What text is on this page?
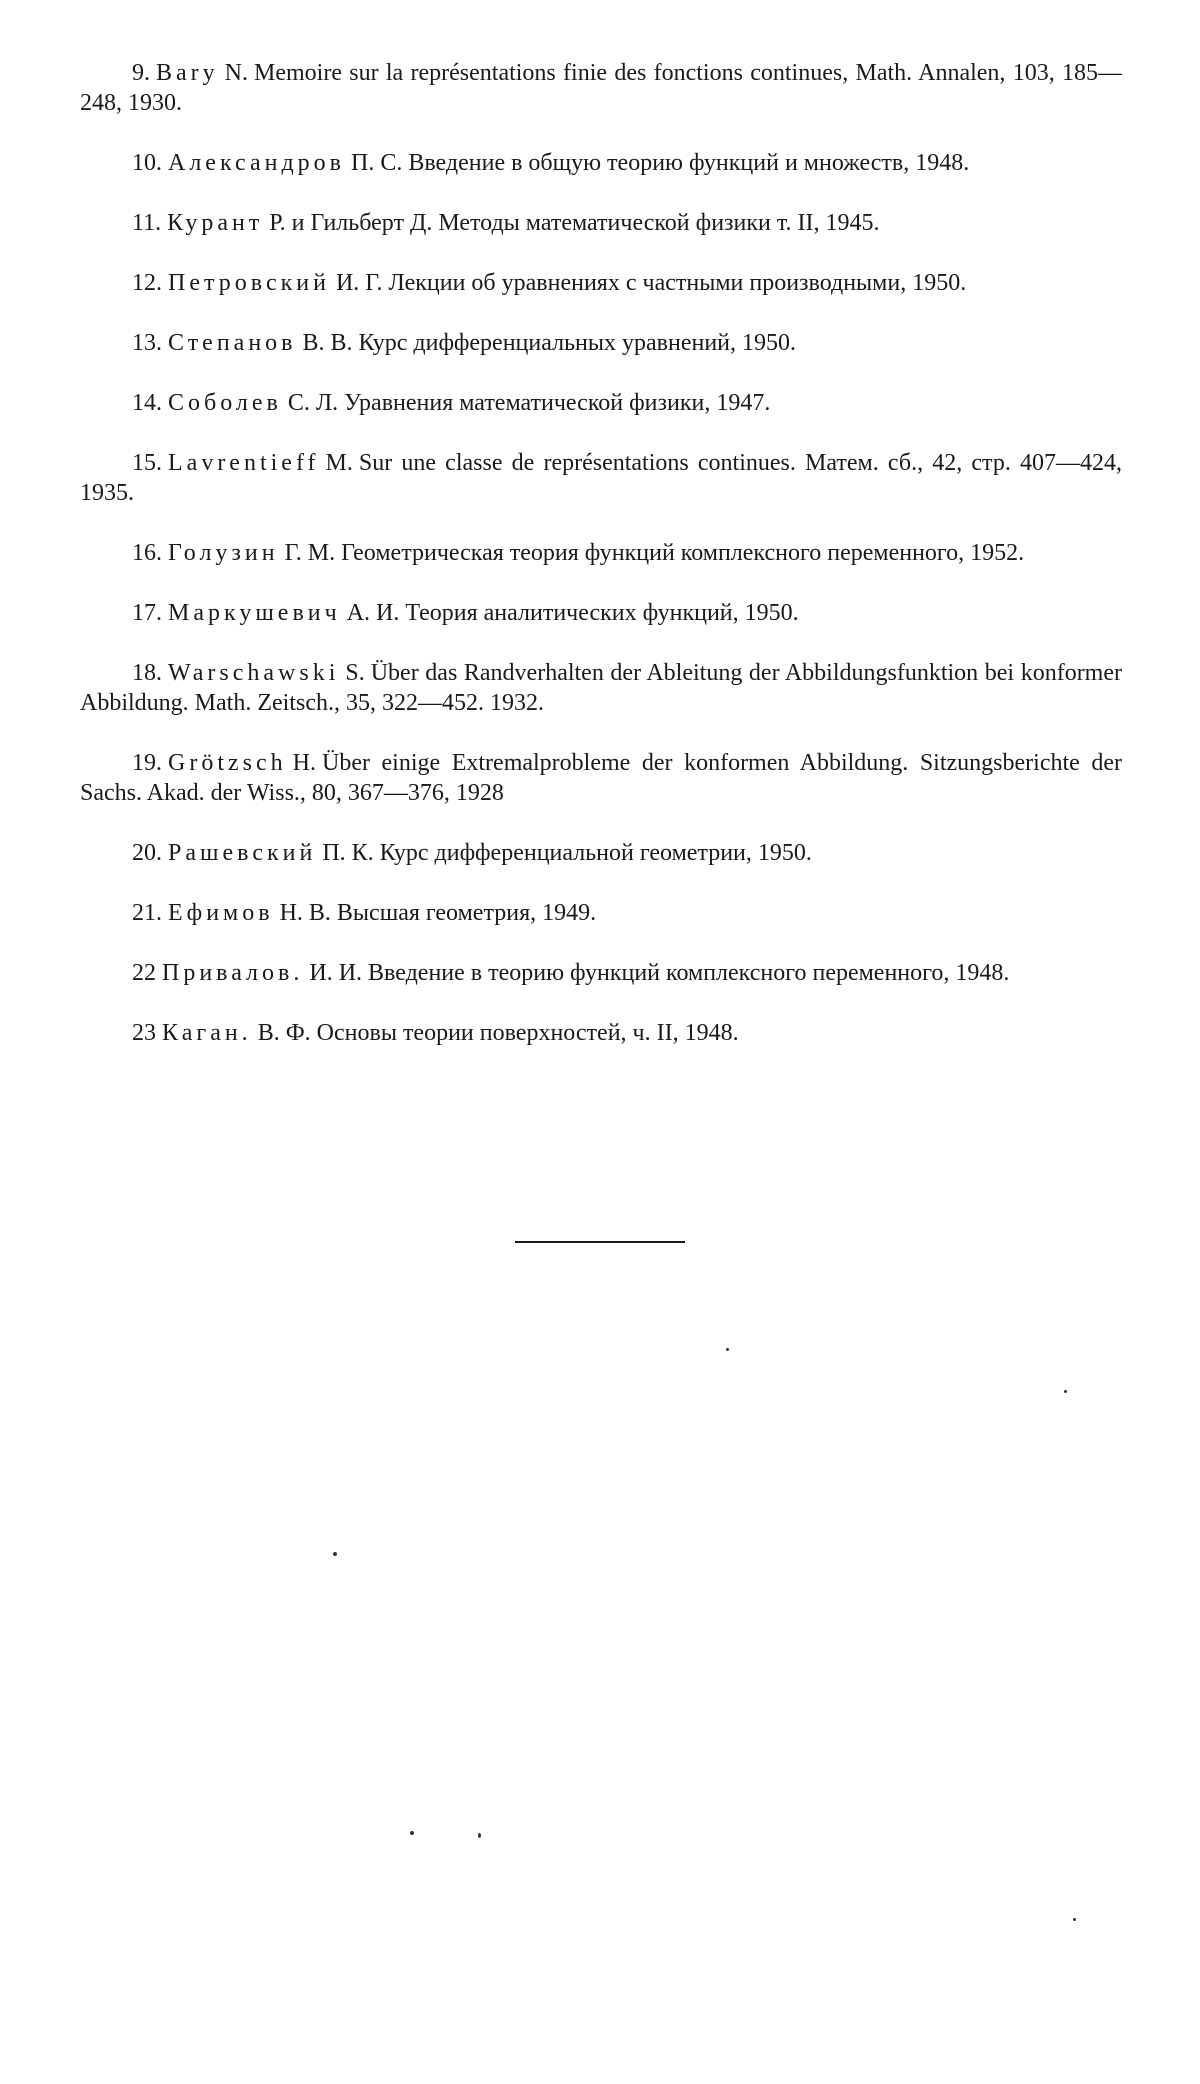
9. Bary N. Memoire sur la représentations finie des fonctions continues, Math. Annalen, 103, 185—248, 1930.
10. Александров П. С. Введение в общую теорию функций и множеств, 1948.
11. Курант Р. и Гильберт Д. Методы математической физики т. II, 1945.
12. Петровский И. Г. Лекции об уравнениях с частными производными, 1950.
13. Степанов В. В. Курс дифференциальных уравнений, 1950.
14. Соболев С. Л. Уравнения математической физики, 1947.
15. Lavrentieff M. Sur une classe de représentations continues. Матем. сб., 42, стр. 407—424, 1935.
16. Голузин Г. М. Геометрическая теория функций комплексного переменного, 1952.
17. Маркушевич А. И. Теория аналитических функций, 1950.
18. Warschawski S. Über das Randverhalten der Ableitung der Abbildungsfunktion bei konformer Abbildung. Math. Zeitsch., 35, 322—452. 1932.
19. Grötzsch H. Über einige Extremalprobleme der konformen Abbildung. Sitzungsberichte der Sachs. Akad. der Wiss., 80, 367—376, 1928
20. Рашевский П. К. Курс дифференциальной геометрии, 1950.
21. Ефимов Н. В. Высшая геометрия, 1949.
22 Привалов. И. И. Введение в теорию функций комплексного переменного, 1948.
23 Каган. В. Ф. Основы теории поверхностей, ч. II, 1948.
